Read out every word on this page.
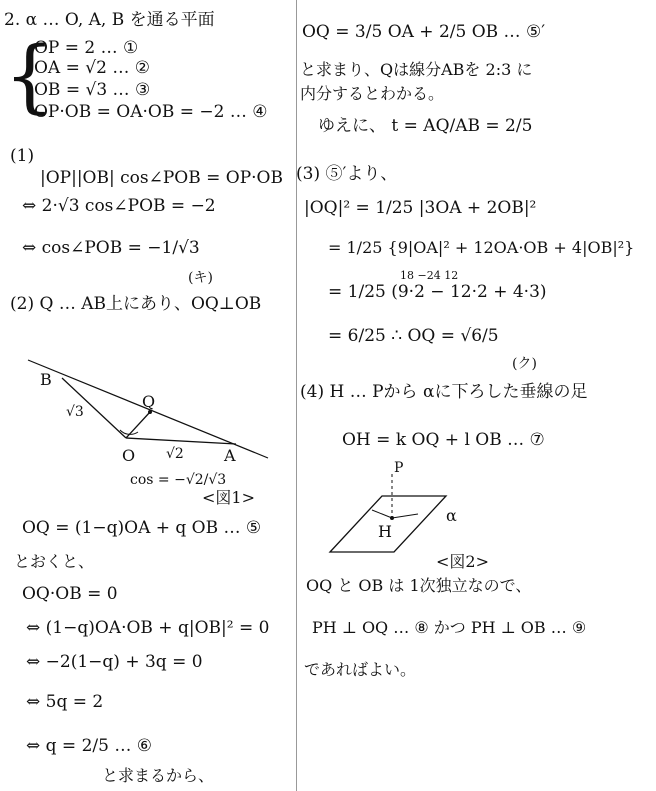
2. α … O, A, B を通る平面
{
OP = 2 … ①
OA = √2 … ②
OB = √3 … ③
OP·OB = OA·OB = −2 … ④
(1)
|OP||OB| cos∠POB = OP·OB
⇔ 2·√3 cos∠POB = −2
⇔ cos∠POB = −1/√3
(キ)
(2) Q … AB上にあり、OQ⊥OB
B
Q
√3
O √2	A
cos = −√2/√3
<図1>
OQ = (1−q)OA + q OB … ⑤
とおくと、
OQ·OB = 0
⇔ (1−q)OA·OB + q|OB|² = 0
⇔ −2(1−q) + 3q = 0
⇔ 5q = 2
⇔ q = 2/5 … ⑥
と求まるから、
OQ = 3/5 OA + 2/5 OB … ⑤′
と求まり、Qは線分ABを 2:3 に
内分するとわかる。
ゆえに、 t = AQ/AB = 2/5
(3) ⑤′より、
|OQ|² = 1/25 |3OA + 2OB|²
= 1/25 {9|OA|² + 12OA·OB + 4|OB|²}
18 −24 12
= 1/25 (9·2 − 12·2 + 4·3)
= 6/25 ∴ OQ = √6/5
(ク)
(4) H … Pから αに下ろした垂線の足
OH = k OQ + l OB … ⑦
P
H
α
<図2>
OQ と OB は 1次独立なので、
PH ⊥ OQ … ⑧ かつ PH ⊥ OB … ⑨
であればよい。
